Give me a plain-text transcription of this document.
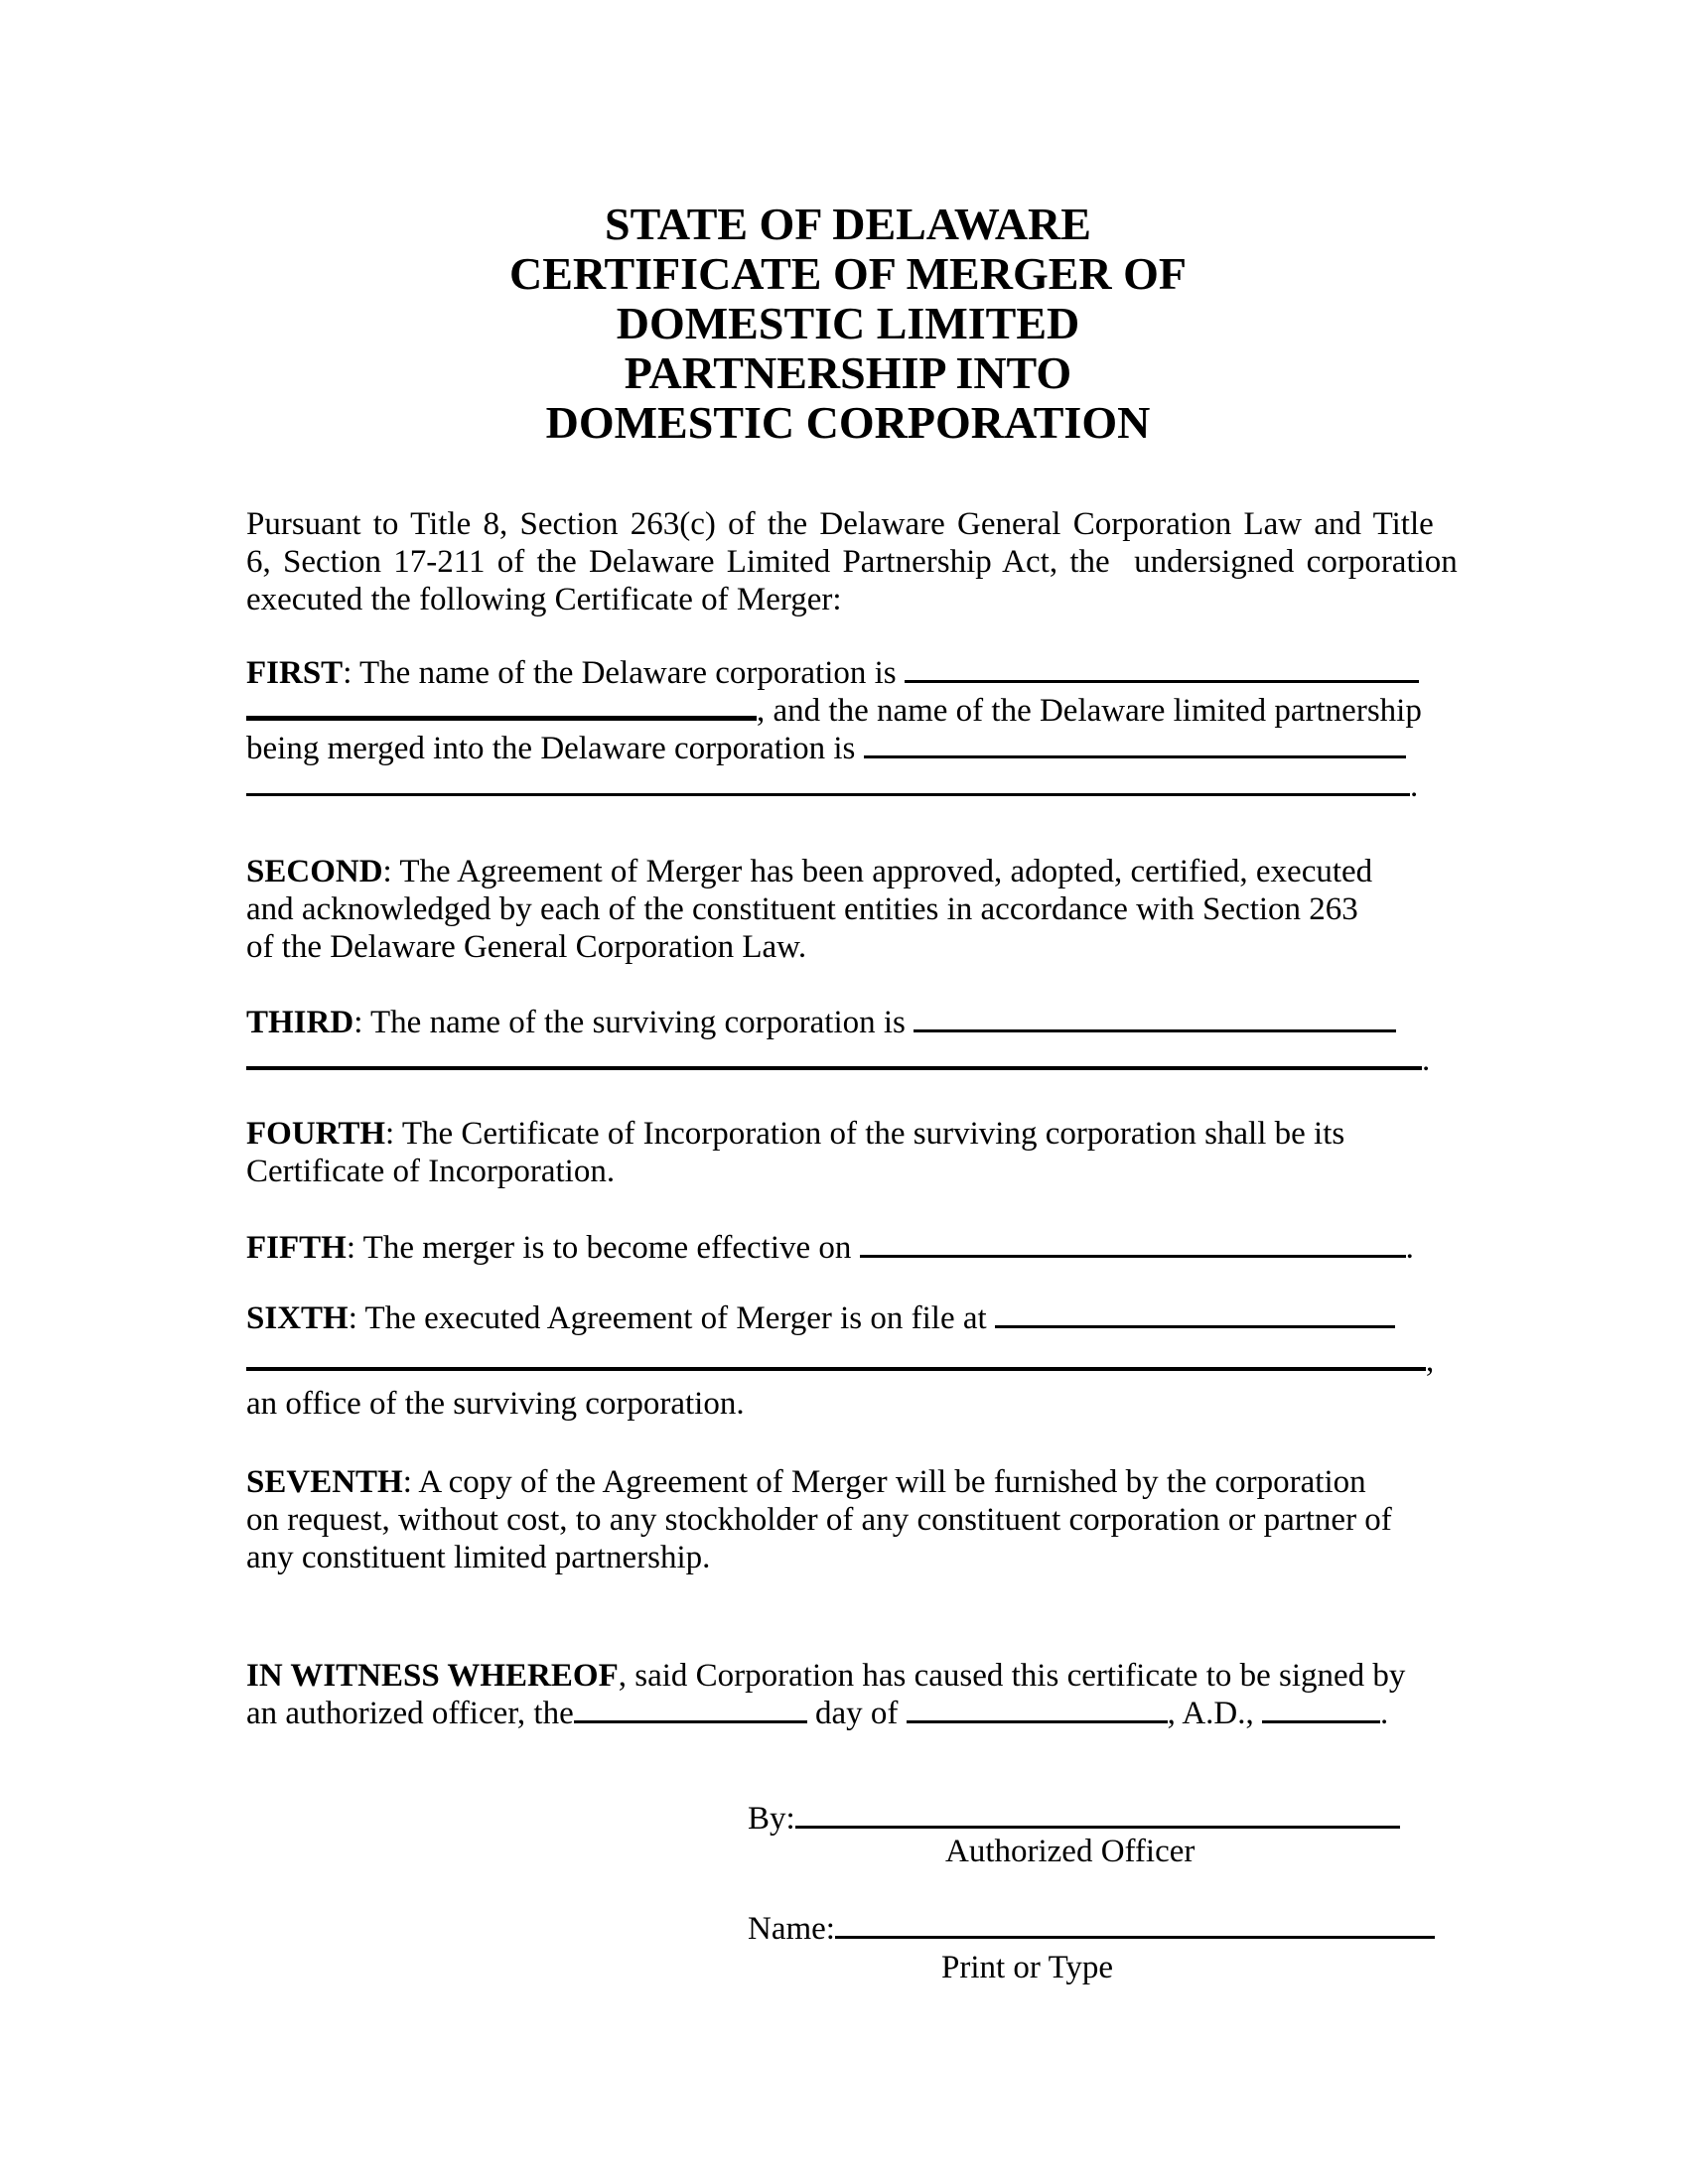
STATE OF DELAWARE
CERTIFICATE OF MERGER OF
DOMESTIC LIMITED
PARTNERSHIP INTO
DOMESTIC CORPORATION
Pursuant to Title 8, Section 263(c) of the Delaware General Corporation Law and Title
6, Section 17-211 of the Delaware Limited Partnership Act, the  undersigned corporation
executed the following Certificate of Merger:
FIRST: The name of the Delaware corporation is
, and the name of the Delaware limited partnership
being merged into the Delaware corporation is
.
SECOND: The Agreement of Merger has been approved, adopted, certified, executed
and acknowledged by each of the constituent entities in accordance with Section 263
of the Delaware General Corporation Law.
THIRD: The name of the surviving corporation is
.
FOURTH: The Certificate of Incorporation of the surviving corporation shall be its
Certificate of Incorporation.
FIFTH: The merger is to become effective on	.
SIXTH: The executed Agreement of Merger is on file at
,
an office of the surviving corporation.
SEVENTH: A copy of the Agreement of Merger will be furnished by the corporation
on request, without cost, to any stockholder of any constituent corporation or partner of
any constituent limited partnership.
IN WITNESS WHEREOF, said Corporation has caused this certificate to be signed by
an authorized officer, the	day of	, A.D.,	.
By:
Authorized Officer
Name:
Print or Type
